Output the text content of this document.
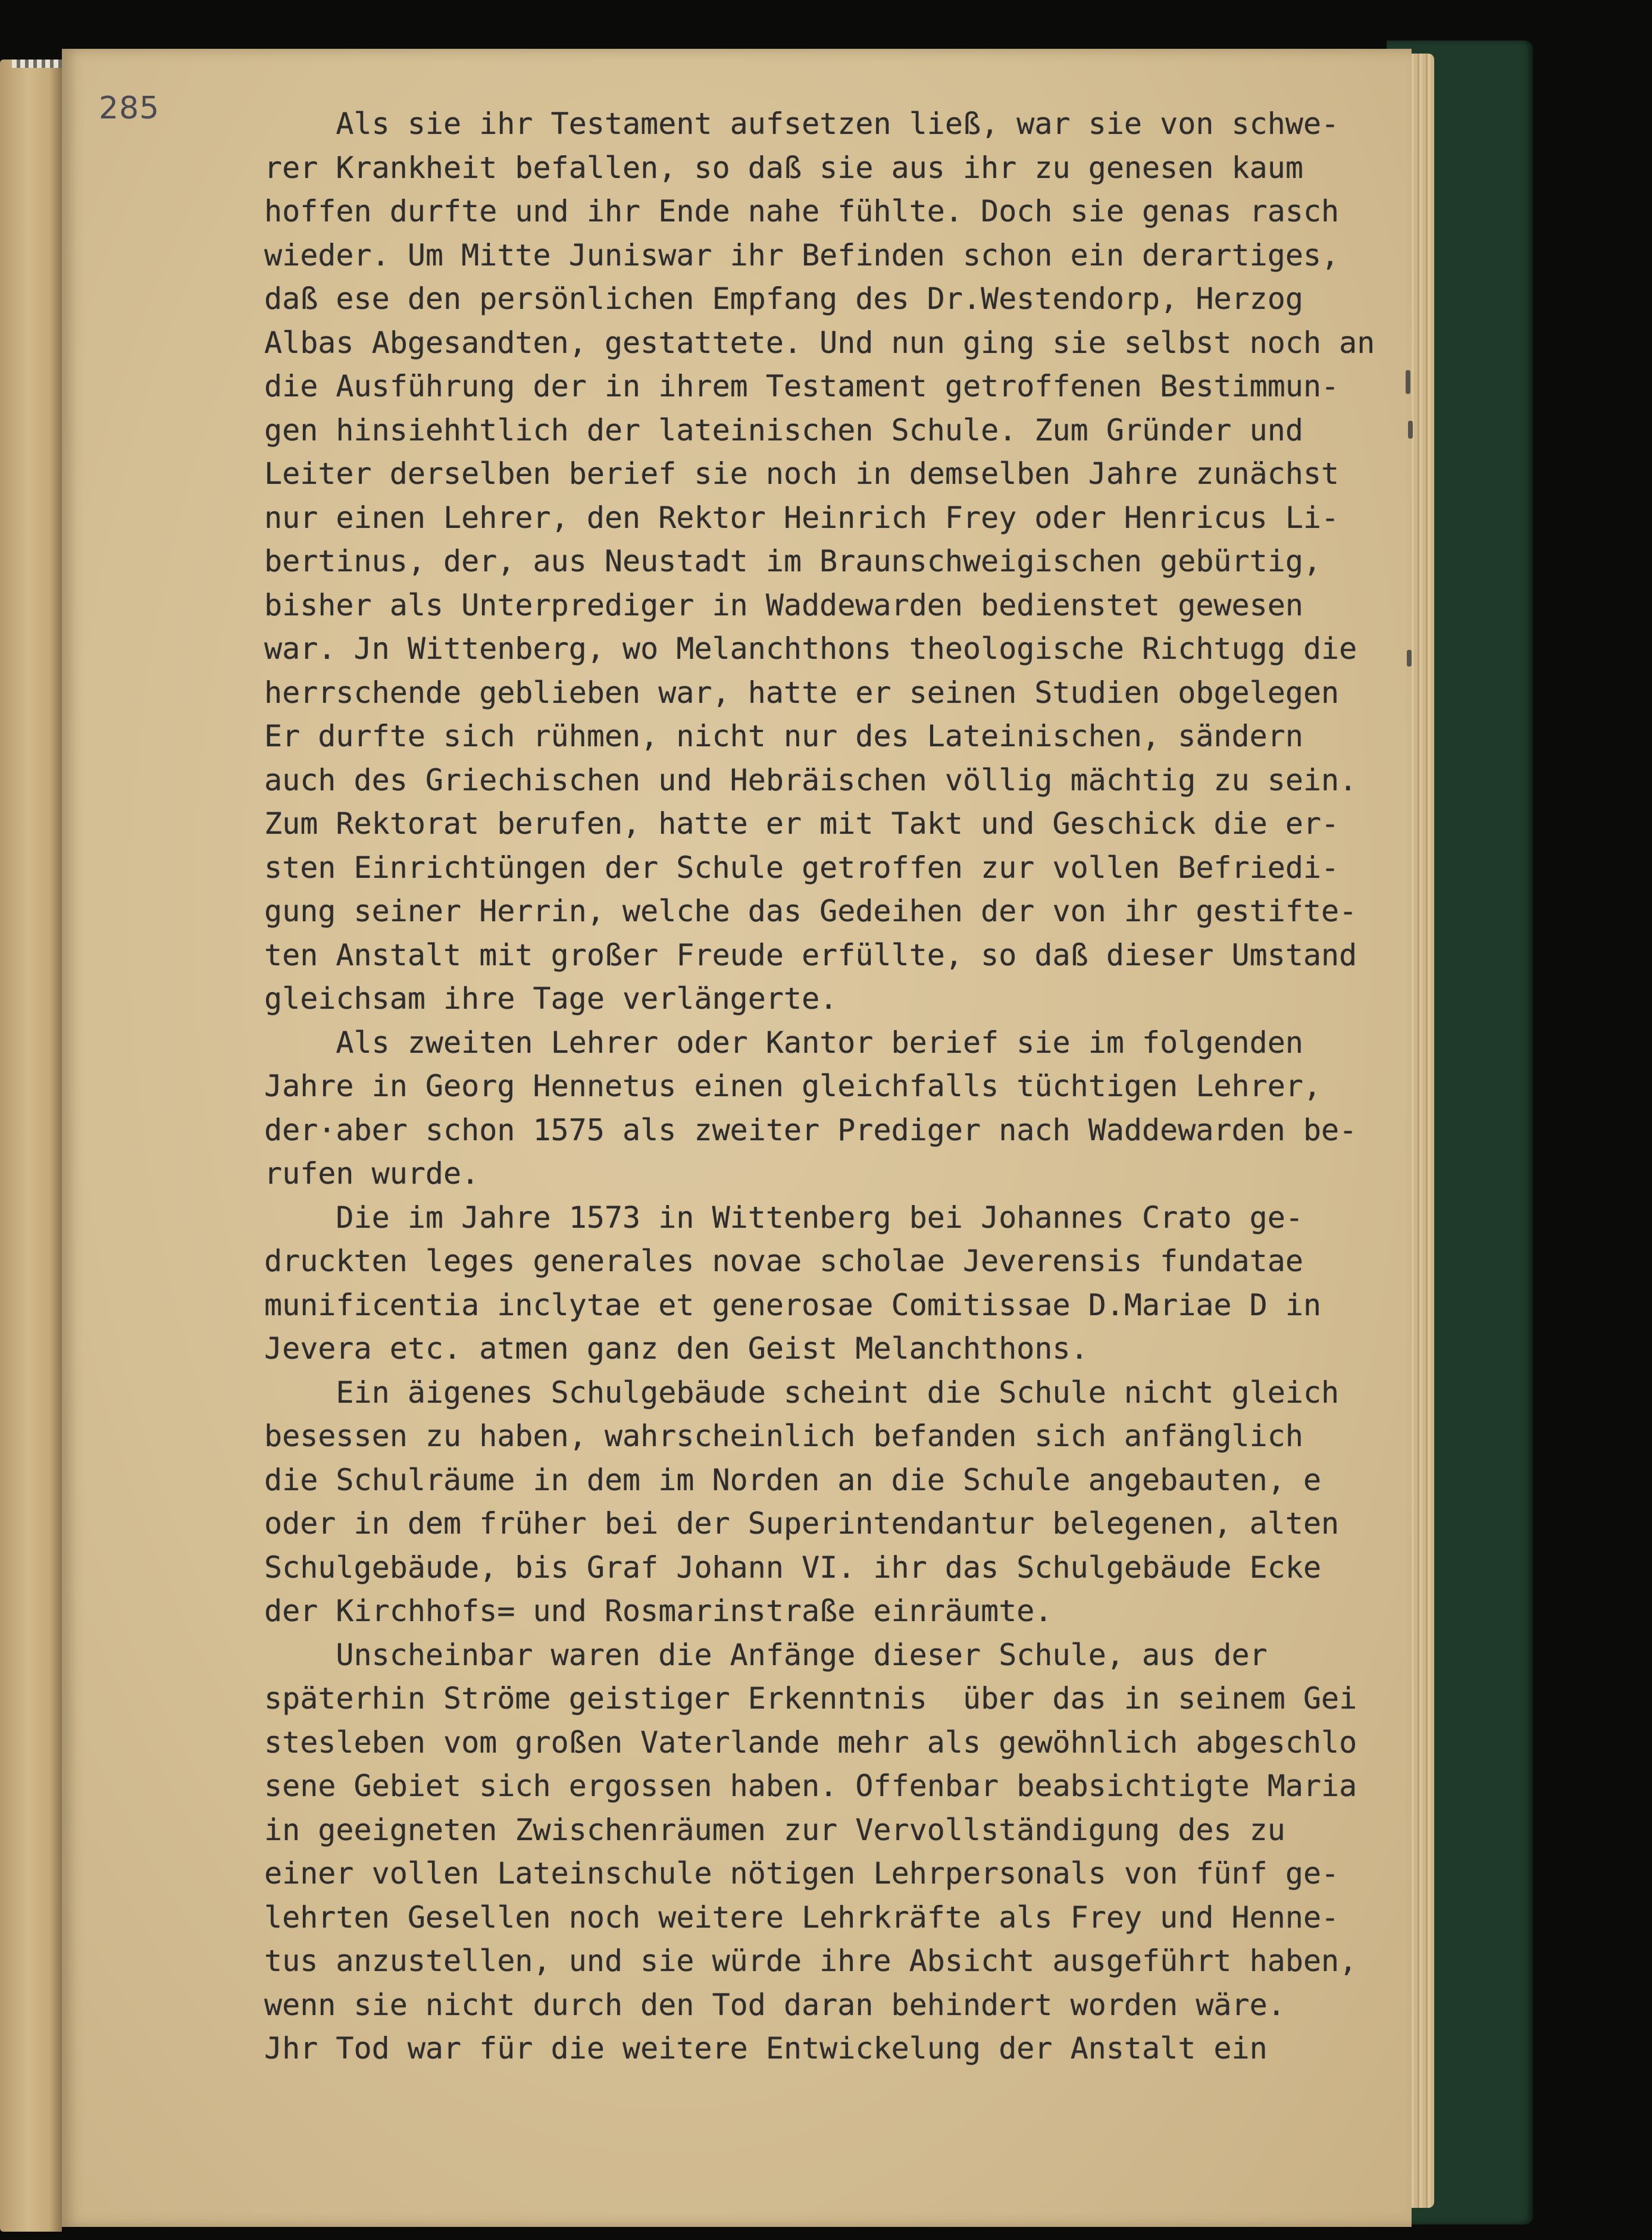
285	Als sie ihr Testament aufsetzen ließ, war sie von schwe-
rer Krankheit befallen, so daß sie aus ihr zu genesen kaum
hoffen durfte und ihr Ende nahe fühlte. Doch sie genas rasch
wieder. Um Mitte Juniswar ihr Befinden schon ein derartiges,
daß ese den persönlichen Empfang des Dr.Westendorp, Herzog
Albas Abgesandten, gestattete. Und nun ging sie selbst noch an
die Ausführung der in ihrem Testament getroffenen Bestimmun-
gen hinsiehhtlich der lateinischen Schule. Zum Gründer und
Leiter derselben berief sie noch in demselben Jahre zunächst
nur einen Lehrer, den Rektor Heinrich Frey oder Henricus Li-
bertinus, der, aus Neustadt im Braunschweigischen gebürtig,
bisher als Unterprediger in Waddewarden bedienstet gewesen
war. Jn Wittenberg, wo Melanchthons theologische Richtugg die
herrschende geblieben war, hatte er seinen Studien obgelegen
Er durfte sich rühmen, nicht nur des Lateinischen, sändern
auch des Griechischen und Hebräischen völlig mächtig zu sein.
Zum Rektorat berufen, hatte er mit Takt und Geschick die er-
sten Einrichtüngen der Schule getroffen zur vollen Befriedi-
gung seiner Herrin, welche das Gedeihen der von ihr gestifte-
ten Anstalt mit großer Freude erfüllte, so daß dieser Umstand
gleichsam ihre Tage verlängerte.
Als zweiten Lehrer oder Kantor berief sie im folgenden
Jahre in Georg Hennetus einen gleichfalls tüchtigen Lehrer,
der·aber schon 1575 als zweiter Prediger nach Waddewarden be-
rufen wurde.
Die im Jahre 1573 in Wittenberg bei Johannes Crato ge-
druckten leges generales novae scholae Jeverensis fundatae
munificentia inclytae et generosae Comitissae D.Mariae D in
Jevera etc. atmen ganz den Geist Melanchthons.
Ein äigenes Schulgebäude scheint die Schule nicht gleich
besessen zu haben, wahrscheinlich befanden sich anfänglich
die Schulräume in dem im Norden an die Schule angebauten, e
oder in dem früher bei der Superintendantur belegenen, alten
Schulgebäude, bis Graf Johann VI. ihr das Schulgebäude Ecke
der Kirchhofs= und Rosmarinstraße einräumte.
Unscheinbar waren die Anfänge dieser Schule, aus der
späterhin Ströme geistiger Erkenntnis  über das in seinem Gei
stesleben vom großen Vaterlande mehr als gewöhnlich abgeschlo
sene Gebiet sich ergossen haben. Offenbar beabsichtigte Maria
in geeigneten Zwischenräumen zur Vervollständigung des zu
einer vollen Lateinschule nötigen Lehrpersonals von fünf ge-
lehrten Gesellen noch weitere Lehrkräfte als Frey und Henne-
tus anzustellen, und sie würde ihre Absicht ausgeführt haben,
wenn sie nicht durch den Tod daran behindert worden wäre.
Jhr Tod war für die weitere Entwickelung der Anstalt ein
